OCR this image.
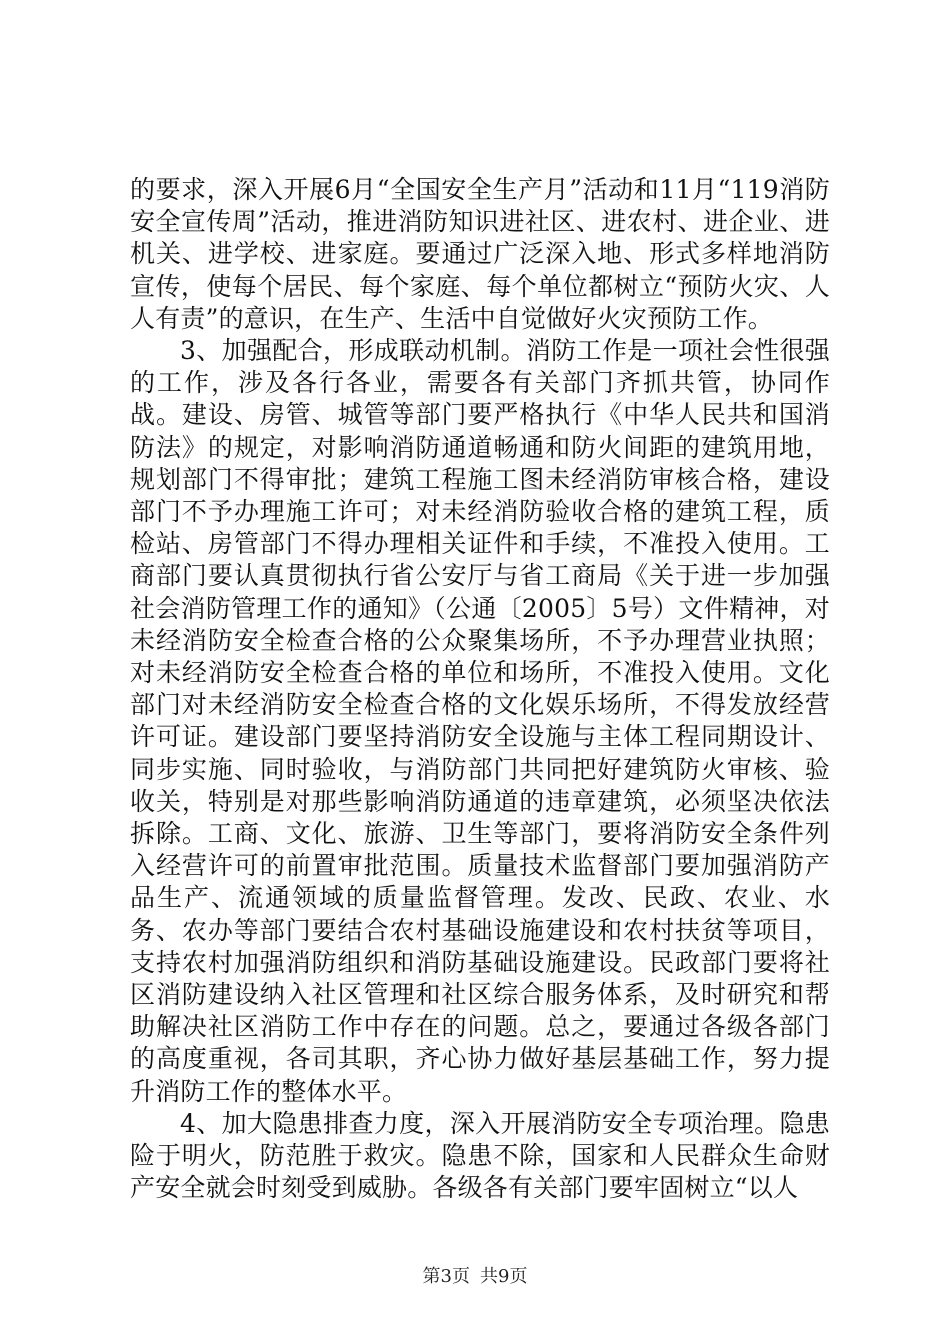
的要求，深入开展6月“全国安全生产月”活动和11月“119消防安全宣传周”活动，推进消防知识进社区、进农村、进企业、进机关、进学校、进家庭。要通过广泛深入地、形式多样地消防宣传，使每个居民、每个家庭、每个单位都树立“预防火灾、人人有责”的意识，在生产、生活中自觉做好火灾预防工作。

3、加强配合，形成联动机制。消防工作是一项社会性很强的工作，涉及各行各业，需要各有关部门齐抓共管，协同作战。建设、房管、城管等部门要严格执行《中华人民共和国消防法》的规定，对影响消防通道畅通和防火间距的建筑用地，规划部门不得审批；建筑工程施工图未经消防审核合格，建设部门不予办理施工许可；对未经消防验收合格的建筑工程，质检站、房管部门不得办理相关证件和手续，不准投入使用。工商部门要认真贯彻执行省公安厅与省工商局《关于进一步加强社会消防管理工作的通知》（公通〔2005〕5号）文件精神，对未经消防安全检查合格的公众聚集场所，不予办理营业执照；对未经消防安全检查合格的单位和场所，不准投入使用。文化部门对未经消防安全检查合格的文化娱乐场所，不得发放经营许可证。建设部门要坚持消防安全设施与主体工程同期设计、同步实施、同时验收，与消防部门共同把好建筑防火审核、验收关，特别是对那些影响消防通道的违章建筑，必须坚决依法拆除。工商、文化、旅游、卫生等部门，要将消防安全条件列入经营许可的前置审批范围。质量技术监督部门要加强消防产品生产、流通领域的质量监督管理。发改、民政、农业、水务、农办等部门要结合农村基础设施建设和农村扶贫等项目，支持农村加强消防组织和消防基础设施建设。民政部门要将社区消防建设纳入社区管理和社区综合服务体系，及时研究和帮助解决社区消防工作中存在的问题。总之，要通过各级各部门的高度重视，各司其职，齐心协力做好基层基础工作，努力提升消防工作的整体水平。

4、加大隐患排查力度，深入开展消防安全专项治理。隐患险于明火，防范胜于救灾。隐患不除，国家和人民群众生命财产安全就会时刻受到威胁。各级各有关部门要牢固树立“以人

第3页 共9页
